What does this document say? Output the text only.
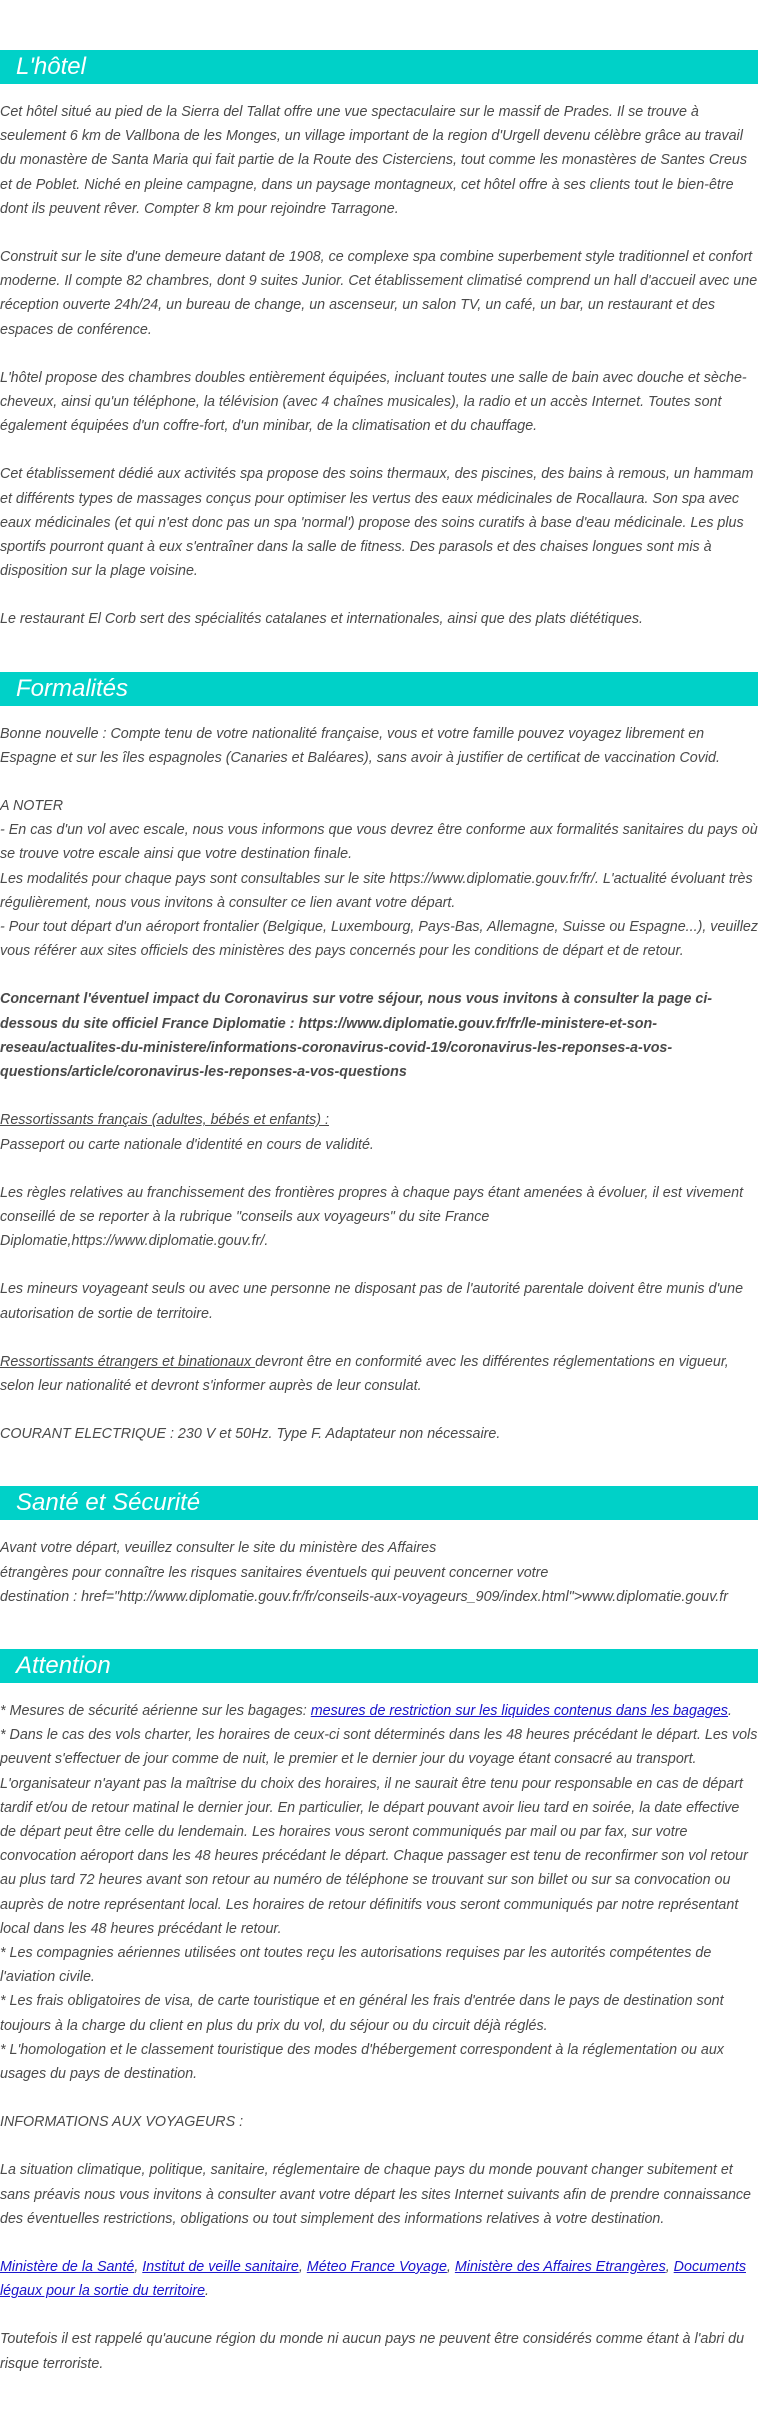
L'hôtel

Cet hôtel situé au pied de la Sierra del Tallat offre une vue spectaculaire sur le massif de Prades. Il se trouve à seulement 6 km de Vallbona de les Monges, un village important de la region d'Urgell devenu célèbre grâce au travail du monastère de Santa Maria qui fait partie de la Route des Cisterciens, tout comme les monastères de Santes Creus et de Poblet. Niché en pleine campagne, dans un paysage montagneux, cet hôtel offre à ses clients tout le bien-être dont ils peuvent rêver. Compter 8 km pour rejoindre Tarragone.

Construit sur le site d'une demeure datant de 1908, ce complexe spa combine superbement style traditionnel et confort moderne. Il compte 82 chambres, dont 9 suites Junior. Cet établissement climatisé comprend un hall d'accueil avec une réception ouverte 24h/24, un bureau de change, un ascenseur, un salon TV, un café, un bar, un restaurant et des espaces de conférence.

L'hôtel propose des chambres doubles entièrement équipées, incluant toutes une salle de bain avec douche et sèche-cheveux, ainsi qu'un téléphone, la télévision (avec 4 chaînes musicales), la radio et un accès Internet. Toutes sont également équipées d'un coffre-fort, d'un minibar, de la climatisation et du chauffage.

Cet établissement dédié aux activités spa propose des soins thermaux, des piscines, des bains à remous, un hammam et différents types de massages conçus pour optimiser les vertus des eaux médicinales de Rocallaura. Son spa avec eaux médicinales (et qui n'est donc pas un spa 'normal') propose des soins curatifs à base d'eau médicinale. Les plus sportifs pourront quant à eux s'entraîner dans la salle de fitness. Des parasols et des chaises longues sont mis à disposition sur la plage voisine.

Le restaurant El Corb sert des spécialités catalanes et internationales, ainsi que des plats diététiques.

Formalités

Bonne nouvelle : Compte tenu de votre nationalité française, vous et votre famille pouvez voyagez librement en Espagne et sur les îles espagnoles (Canaries et Baléares), sans avoir à justifier de certificat de vaccination Covid.

A NOTER

- En cas d'un vol avec escale, nous vous informons que vous devrez être conforme aux formalités sanitaires du pays où se trouve votre escale ainsi que votre destination finale.

Les modalités pour chaque pays sont consultables sur le site https://www.diplomatie.gouv.fr/fr/. L'actualité évoluant très régulièrement, nous vous invitons à consulter ce lien avant votre départ.

- Pour tout départ d'un aéroport frontalier (Belgique, Luxembourg, Pays-Bas, Allemagne, Suisse ou Espagne...), veuillez vous référer aux sites officiels des ministères des pays concernés pour les conditions de départ et de retour.

Concernant l'éventuel impact du Coronavirus sur votre séjour, nous vous invitons à consulter la page ci-dessous du site officiel France Diplomatie : https://www.diplomatie.gouv.fr/fr/le-ministere-et-son-reseau/actualites-du-ministere/informations-coronavirus-covid-19/coronavirus-les-reponses-a-vos-questions/article/coronavirus-les-reponses-a-vos-questions

Ressortissants français (adultes, bébés et enfants) :

Passeport ou carte nationale d'identité en cours de validité.

Les règles relatives au franchissement des frontières propres à chaque pays étant amenées à évoluer, il est vivement conseillé de se reporter à la rubrique "conseils aux voyageurs" du site France Diplomatie,https://www.diplomatie.gouv.fr/.

Les mineurs voyageant seuls ou avec une personne ne disposant pas de l'autorité parentale doivent être munis d'une autorisation de sortie de territoire.

Ressortissants étrangers et binationaux devront être en conformité avec les différentes réglementations en vigueur, selon leur nationalité et devront s'informer auprès de leur consulat.

COURANT ELECTRIQUE : 230 V et 50Hz. Type F. Adaptateur non nécessaire.

Santé et Sécurité

Avant votre départ, veuillez consulter le site du ministère des Affaires

étrangères pour connaître les risques sanitaires éventuels qui peuvent concerner votre

destination : href="http://www.diplomatie.gouv.fr/fr/conseils-aux-voyageurs_909/index.html">www.diplomatie.gouv.fr

Attention

* Mesures de sécurité aérienne sur les bagages: mesures de restriction sur les liquides contenus dans les bagages.

* Dans le cas des vols charter, les horaires de ceux-ci sont déterminés dans les 48 heures précédant le départ. Les vols peuvent s'effectuer de jour comme de nuit, le premier et le dernier jour du voyage étant consacré au transport. L'organisateur n'ayant pas la maîtrise du choix des horaires, il ne saurait être tenu pour responsable en cas de départ tardif et/ou de retour matinal le dernier jour. En particulier, le départ pouvant avoir lieu tard en soirée, la date effective de départ peut être celle du lendemain. Les horaires vous seront communiqués par mail ou par fax, sur votre convocation aéroport dans les 48 heures précédant le départ. Chaque passager est tenu de reconfirmer son vol retour au plus tard 72 heures avant son retour au numéro de téléphone se trouvant sur son billet ou sur sa convocation ou auprès de notre représentant local. Les horaires de retour définitifs vous seront communiqués par notre représentant local dans les 48 heures précédant le retour.

* Les compagnies aériennes utilisées ont toutes reçu les autorisations requises par les autorités compétentes de l'aviation civile.

* Les frais obligatoires de visa, de carte touristique et en général les frais d'entrée dans le pays de destination sont toujours à la charge du client en plus du prix du vol, du séjour ou du circuit déjà réglés.

* L'homologation et le classement touristique des modes d'hébergement correspondent à la réglementation ou aux usages du pays de destination.

INFORMATIONS AUX VOYAGEURS :

La situation climatique, politique, sanitaire, réglementaire de chaque pays du monde pouvant changer subitement et sans préavis nous vous invitons à consulter avant votre départ les sites Internet suivants afin de prendre connaissance des éventuelles restrictions, obligations ou tout simplement des informations relatives à votre destination.

Ministère de la Santé, Institut de veille sanitaire, Méteo France Voyage, Ministère des Affaires Etrangères, Documents légaux pour la sortie du territoire.

Toutefois il est rappelé qu'aucune région du monde ni aucun pays ne peuvent être considérés comme étant à l'abri du risque terroriste.
